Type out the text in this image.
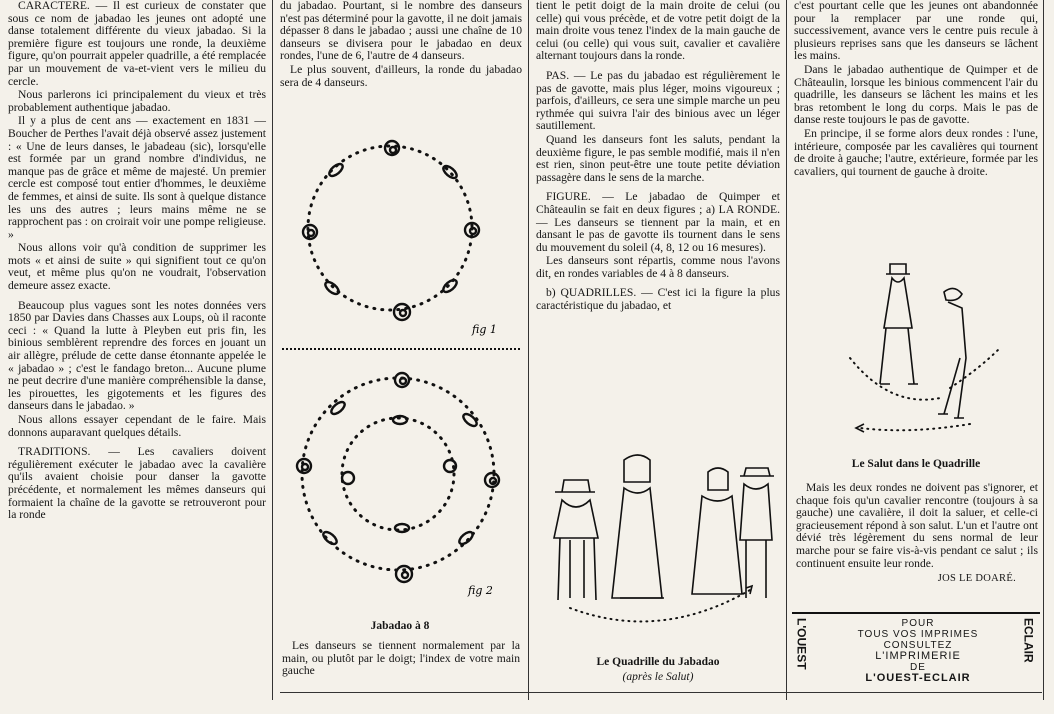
CARACTERE. — Il est curieux de constater que sous ce nom de jabadao les jeunes ont adopté une danse totalement différente du vieux jabadao. Si la première figure est toujours une ronde, la deuxième figure, qu'on pourrait appeler quadrille, a été remplacée par un mouvement de va-et-vient vers le milieu du cercle.

Nous parlerons ici principalement du vieux et très probablement authentique jabadao.

Il y a plus de cent ans — exactement en 1831 — Boucher de Perthes l'avait déjà observé assez justement : « Une de leurs danses, le jabadeau (sic), lorsqu'elle est formée par un grand nombre d'individus, ne manque pas de grâce et même de majesté. Un premier cercle est composé tout entier d'hommes, le deuxième de femmes, et ainsi de suite. Ils sont à quelque distance les uns des autres ; leurs mains même ne se rapprochent pas : on croirait voir une pompe religieuse. »

Nous allons voir qu'à condition de supprimer les mots « et ainsi de suite » qui signifient tout ce qu'on veut, et même plus qu'on ne voudrait, l'observation demeure assez exacte.

Beaucoup plus vagues sont les notes données vers 1850 par Davies dans Chasses aux Loups, où il raconte ceci : « Quand la lutte à Pleyben eut pris fin, les binious semblèrent reprendre des forces en jouant un air allègre, prélude de cette danse étonnante appelée le « jabadao » ; c'est le fandago breton... Aucune plume ne peut decrire d'une manière compréhensible la danse, les pirouettes, les gigotements et les figures des danseurs dans le jabadao. »

Nous allons essayer cependant de le faire. Mais donnons auparavant quelques détails.

TRADITIONS. — Les cavaliers doivent régulièrement exécuter le jabadao avec la cavalière qu'ils avaient choisie pour danser la gavotte précédente, et normalement les mêmes danseurs qui formaient la chaîne de la gavotte se retrouveront pour la ronde

du jabadao. Pourtant, si le nombre des danseurs n'est pas déterminé pour la gavotte, il ne doit jamais dépasser 8 dans le jabadao ; aussi une chaîne de 10 danseurs se divisera pour le jabadao en deux rondes, l'une de 6, l'autre de 4 danseurs.

Le plus souvent, d'ailleurs, la ronde du jabadao sera de 4 danseurs.

fig 1
fig 2
Jabadao à 8

Les danseurs se tiennent normalement par la main, ou plutôt par le doigt; l'index de votre main gauche

tient le petit doigt de la main droite de celui (ou celle) qui vous précède, et de votre petit doigt de la main droite vous tenez l'index de la main gauche de celui (ou celle) qui vous suit, cavalier et cavalière alternant toujours dans la ronde.

PAS. — Le pas du jabadao est régulièrement le pas de gavotte, mais plus léger, moins vigoureux ; parfois, d'ailleurs, ce sera une simple marche un peu rythmée qui suivra l'air des binious avec un léger sautillement.

Quand les danseurs font les saluts, pendant la deuxième figure, le pas semble modifié, mais il n'en est rien, sinon peut-être une toute petite déviation passagère dans le sens de la marche.

FIGURE. — Le jabadao de Quimper et Châteaulin se fait en deux figures ; a) LA RONDE. — Les danseurs se tiennent par la main, et en dansant le pas de gavotte ils tournent dans le sens du mouvement du soleil (4, 8, 12 ou 16 mesures).

Les danseurs sont répartis, comme nous l'avons dit, en rondes variables de 4 à 8 danseurs.

b) QUADRILLES. — C'est ici la figure la plus caractéristique du jabadao, et

Le Quadrille du Jabadao
(après le Salut)

c'est pourtant celle que les jeunes ont abandonnée pour la remplacer par une ronde qui, successivement, avance vers le centre puis recule à plusieurs reprises sans que les danseurs se lâchent les mains.

Dans le jabadao authentique de Quimper et de Châteaulin, lorsque les binious commencent l'air du quadrille, les danseurs se lâchent les mains et les bras retombent le long du corps. Mais le pas de danse reste toujours le pas de gavotte.

En principe, il se forme alors deux rondes : l'une, intérieure, composée par les cavalières qui tournent de droite à gauche; l'autre, extérieure, formée par les cavaliers, qui tournent de gauche à droite.

Le Salut dans le Quadrille

Mais les deux rondes ne doivent pas s'ignorer, et chaque fois qu'un cavalier rencontre (toujours à sa gauche) une cavalière, il doit la saluer, et celle-ci gracieusement répond à son salut. L'un et l'autre ont dévié très légèrement du sens normal de leur marche pour se faire vis-à-vis pendant ce salut ; ils continuent ensuite leur ronde.

JOS LE DOARÉ.
L'OUEST	POUR
TOUS VOS IMPRIMES
CONSULTEZ
L'IMPRIMERIE
DE
L'OUEST-ECLAIR
ECLAIR
